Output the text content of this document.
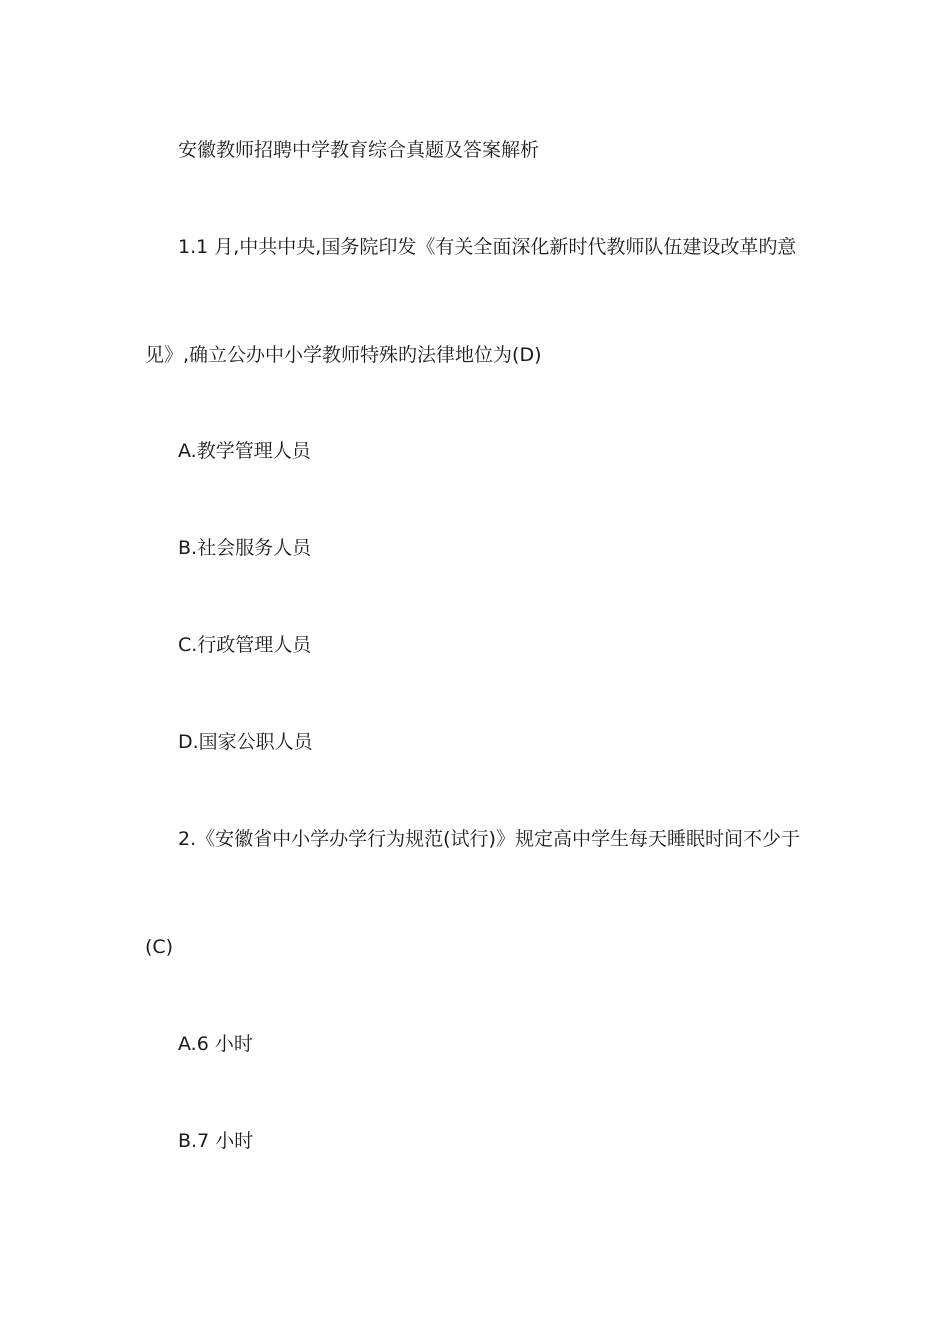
安徽教师招聘中学教育综合真题及答案解析
1.1 月,中共中央,国务院印发《有关全面深化新时代教师队伍建设改革旳意
见》,确立公办中小学教师特殊旳法律地位为(D)
A.教学管理人员
B.社会服务人员
C.行政管理人员
D.国家公职人员
2.《安徽省中小学办学行为规范(试行)》规定高中学生每天睡眠时间不少于
(C)
A.6 小时
B.7 小时
